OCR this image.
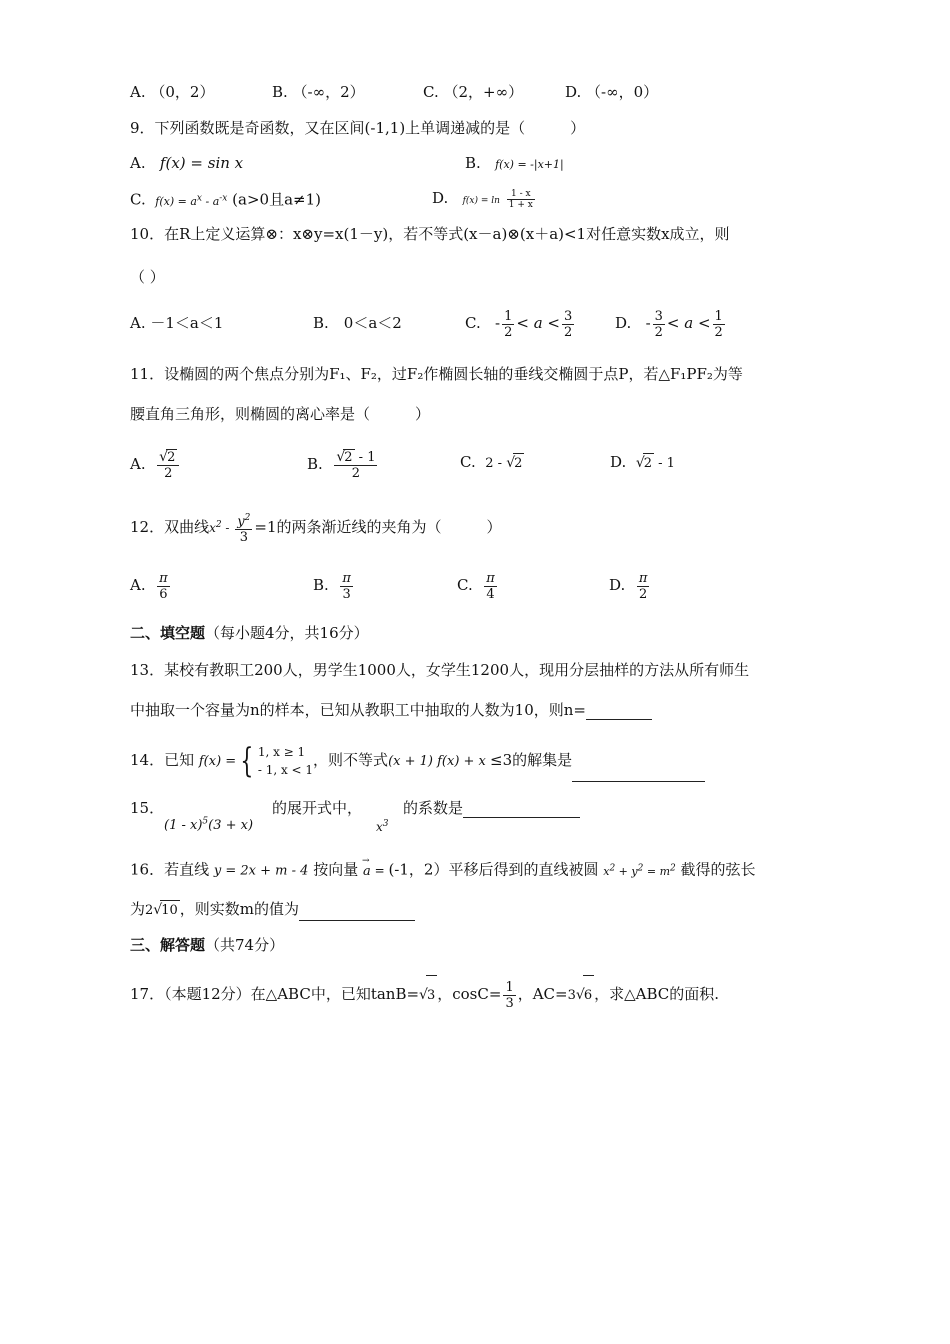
A. （0，2）	B. （-∞，2）	C. （2，+∞）	D. （-∞，0）
9．下列函数既是奇函数，又在区间(-1,1)上单调递减的是（　　　）
A. f(x) = sin x	B. f(x) = -|x+1|
C. $f(x) = a^x - a^{-x}$ (a>0且a≠1)	D. $f(x) = \ln \frac{1 - x}{1 + x}$
10．在R上定义运算⊗：x⊗y=x(1－y)，若不等式(x－a)⊗(x＋a)<1对任意实数x成立，则
（ ）
A. －1＜a＜1	B.　0＜a＜2	C.   - $\frac{1}{2} < a < \frac{3}{2}$	D.   - $\frac{3}{2} < a < \frac{1}{2}$
11．设椭圆的两个焦点分别为F₁、F₂，过F₂作椭圆长轴的垂线交椭圆于点P，若△F₁PF₂为等
腰直角三角形，则椭圆的离心率是（　　　）
A. $\frac{√2}{2}$	B. $\frac{√2 - 1}{2}$	C. 2 - √2	D. √2 - 1
12．双曲线$x^2 - \frac{y^2}{3} =1$的两条渐近线的夹角为（　　　）
A. $\frac{\pi}{6}$	B. $\frac{\pi}{3}$	C. $\frac{\pi}{4}$	D. $\frac{\pi}{2}$
二、填空题（每小题4分，共16分）
13．某校有教职工200人，男学生1000人，女学生1200人，现用分层抽样的方法从所有师生
中抽取一个容量为n的样本，已知从教职工中抽取的人数为10，则n=
14．已知 f(x) = { 1, x ≥ 1
- 1, x < 1
，则不等式(x + 1) f(x) + x ≤3的解集是
15．
(1 - x)$^5$(3 + x)
的展开式中，
$x^3$
的系数是
16．若直线 y = 2x + m - 4 按向量 → a = (-1，2）平移后得到的直线被圆 $x^2 + y^2 = m^2$ 截得的弦长
为2√10 ，则实数m的值为
三、解答题（共74分）
17．（本题12分）在△ABC中，已知tanB=√3 ，$\cos C= \frac{1}{3}$ ，AC=3√6 ，求△ABC的面积.
